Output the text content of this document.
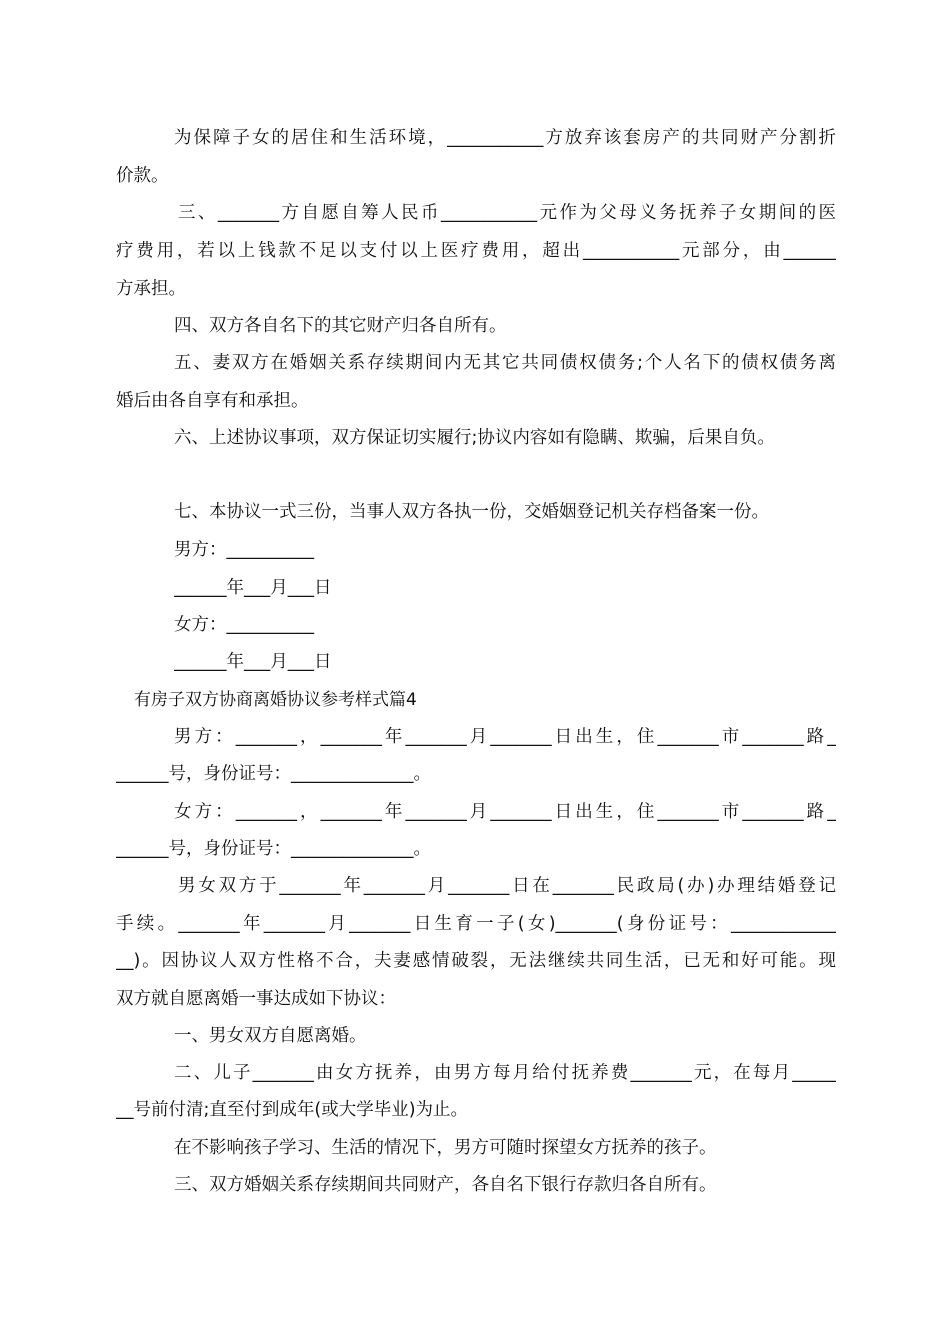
为保障子女的居住和生活环境，___________方放弃该套房产的共同财产分割折

价款。

三、_______方自愿自筹人民币___________元作为父母义务抚养子女期间的医

疗费用，若以上钱款不足以支付以上医疗费用，超出___________元部分，由______

方承担。

四、双方各自名下的其它财产归各自所有。

五、妻双方在婚姻关系存续期间内无其它共同债权债务;个人名下的债权债务离

婚后由各自享有和承担。

六、上述协议事项，双方保证切实履行;协议内容如有隐瞒、欺骗，后果自负。

七、本协议一式三份，当事人双方各执一份，交婚姻登记机关存档备案一份。

男方：__________

______年___月___日

女方：__________

______年___月___日

有房子双方协商离婚协议参考样式篇4

男方：_______，_______年_______月_______日出生，住_______市_______路_

______号，身份证号：______________。

女方：_______，_______年_______月_______日出生，住_______市_______路_

______号，身份证号：______________。

男女双方于_______年_______月_______日在_______民政局(办)办理结婚登记

手续。_______年_______月_______日生育一子(女)_______(身份证号：____________

__)。因协议人双方性格不合，夫妻感情破裂，无法继续共同生活，已无和好可能。现

双方就自愿离婚一事达成如下协议：

一、男女双方自愿离婚。

二、儿子_______由女方抚养，由男方每月给付抚养费_______元，在每月_____

__号前付清;直至付到成年(或大学毕业)为止。

在不影响孩子学习、生活的情况下，男方可随时探望女方抚养的孩子。

三、双方婚姻关系存续期间共同财产，各自名下银行存款归各自所有。
